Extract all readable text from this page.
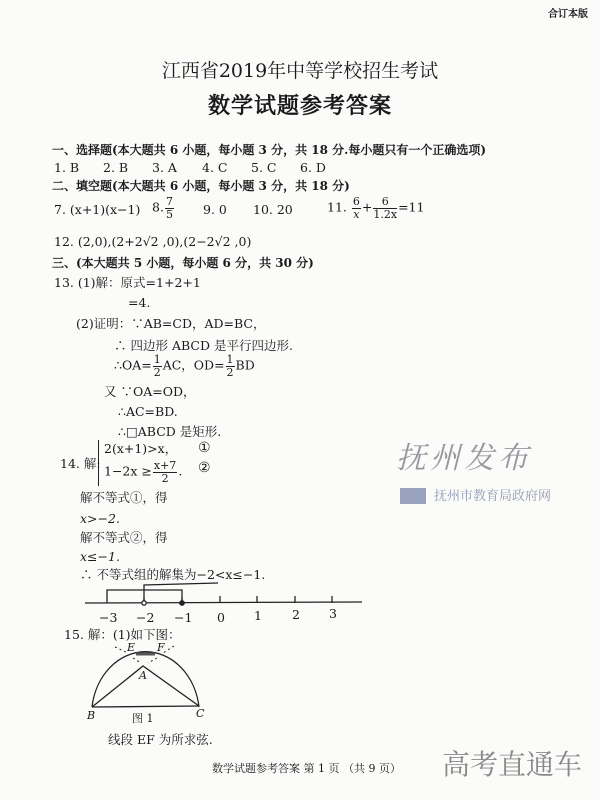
合订本版
江西省2019年中等学校招生考试
数学试题参考答案
一、选择题(本大题共 6 小题，每小题 3 分，共 18 分.每小题只有一个正确选项)
1. B 2. B 3. A 4. C 5. C 6. D
二、填空题(本大题共 6 小题，每小题 3 分，共 18 分)
7. (x+1)(x−1) 8. $\frac{7}{5} 9$. 0 10. 20	11. $\frac{6}{x} + \frac{6}{1.2x} =11$
12. (2,0),(2+2√2 ,0),(2−2√2 ,0)
三、(本大题共 5 小题，每小题 6 分，共 30 分)
13. (1)解：原式=1+2+1
=4.
(2)证明：∵AB=CD，AD=BC，
∴ 四边形 ABCD 是平行四边形.
∴OA= $\frac{1}{2}$ AC，$OD= \frac{1}{2}$ BD
又 ∵OA=OD，
∴AC=BD.
∴□ABCD 是矩形.
14. 解:
2(x+1)>x， ①
$1-2x \ge \frac{x+7}{2}$ . ②
解不等式①，得
x>−2.
解不等式②，得
x≤−1.
∴ 不等式组的解集为−2<x≤−1.
−3 −2 −1 0 1 2 3
15. 解：(1)如下图：
E F
A
B	C
图 1
线段 EF 为所求弦.
数学试题参考答案 第 1 页 （共 9 页）
抚州发布
抚州市教育局政府网
高考直通车
